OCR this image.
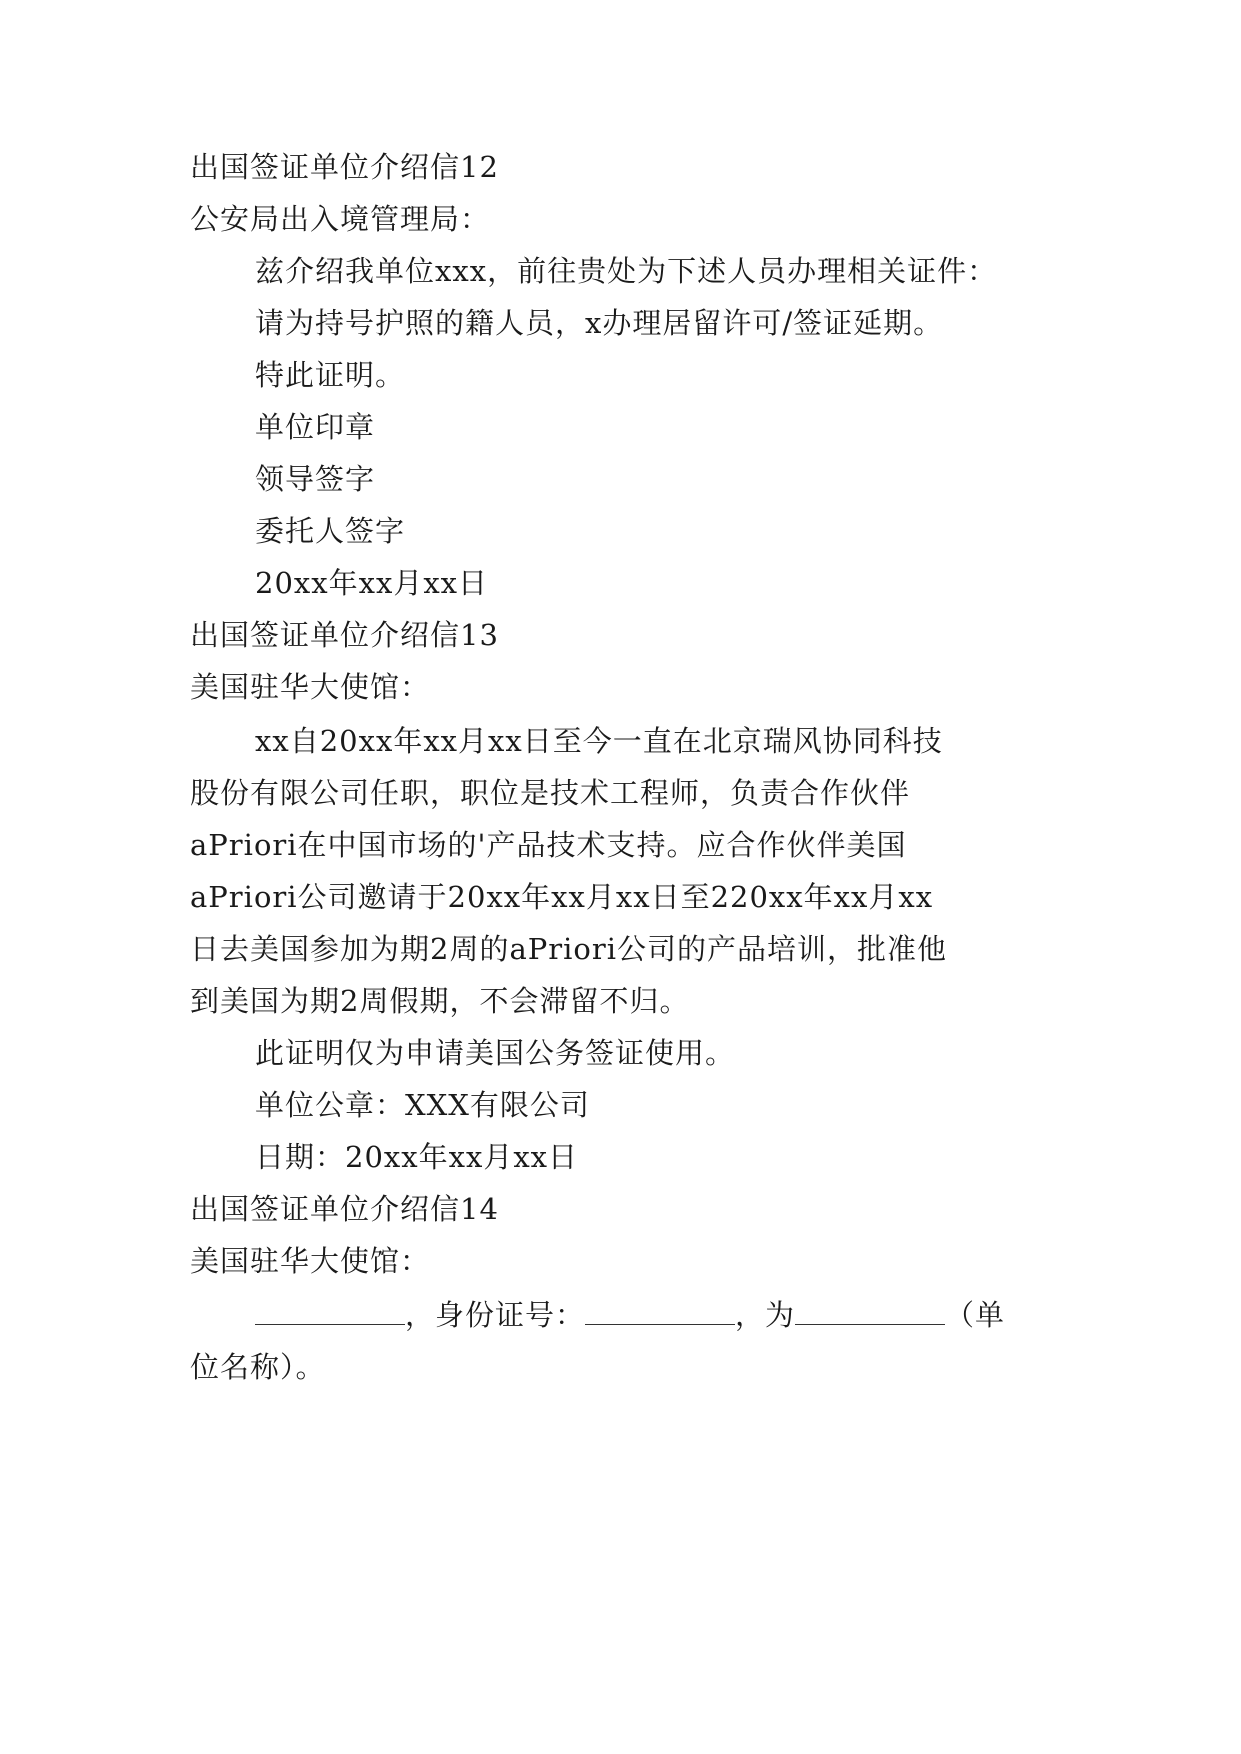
出国签证单位介绍信12
公安局出入境管理局：
兹介绍我单位xxx，前往贵处为下述人员办理相关证件：
请为持号护照的籍人员，x办理居留许可/签证延期。
特此证明。
单位印章
领导签字
委托人签字
20xx年xx月xx日
出国签证单位介绍信13
美国驻华大使馆：
xx自20xx年xx月xx日至今一直在北京瑞风协同科技
股份有限公司任职，职位是技术工程师，负责合作伙伴
aPriori在中国市场的'产品技术支持。应合作伙伴美国
aPriori公司邀请于20xx年xx月xx日至220xx年xx月xx
日去美国参加为期2周的aPriori公司的产品培训，批准他
到美国为期2周假期，不会滞留不归。
此证明仅为申请美国公务签证使用。
单位公章：XXX有限公司
日期：20xx年xx月xx日
出国签证单位介绍信14
美国驻华大使馆：
，身份证号：	，为	（单
位名称）。
